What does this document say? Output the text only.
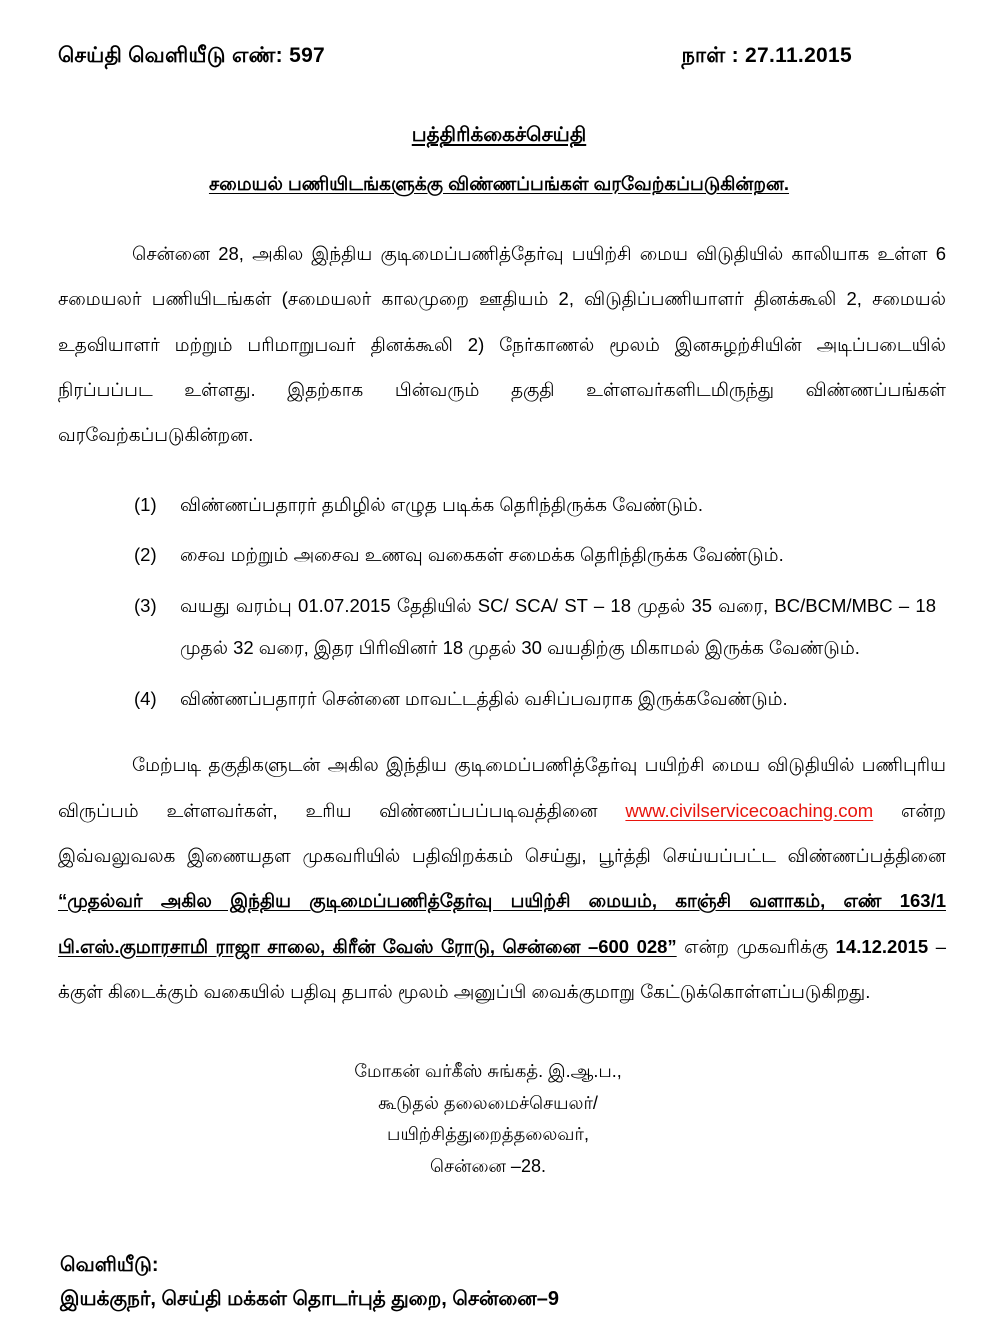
செய்தி வெளியீடு எண்: 597	நாள் : 27.11.2015
பத்திரிக்கைச்செய்தி
சமையல் பணியிடங்களுக்கு விண்ணப்பங்கள் வரவேற்கப்படுகின்றன.

சென்னை 28, அகில இந்திய குடிமைப்பணித்தேர்வு பயிற்சி மைய விடுதியில் காலியாக உள்ள 6 சமையலர் பணியிடங்கள் (சமையலர் காலமுறை ஊதியம் 2, விடுதிப்பணியாளர் தினக்கூலி 2, சமையல் உதவியாளர் மற்றும் பரிமாறுபவர் தினக்கூலி 2) நேர்காணல் மூலம் இனசுழற்சியின் அடிப்படையில் நிரப்பப்பட உள்ளது. இதற்காக பின்வரும் தகுதி உள்ளவர்களிடமிருந்து விண்ணப்பங்கள் வரவேற்கப்படுகின்றன.

(1)	விண்ணப்பதாரர் தமிழில் எழுத படிக்க தெரிந்திருக்க வேண்டும்.
(2)	சைவ மற்றும் அசைவ உணவு வகைகள் சமைக்க தெரிந்திருக்க வேண்டும்.
(3)	வயது வரம்பு 01.07.2015 தேதியில் SC/ SCA/ ST – 18 முதல் 35 வரை, BC/BCM/MBC – 18 முதல் 32 வரை, இதர பிரிவினர் 18 முதல் 30 வயதிற்கு மிகாமல் இருக்க வேண்டும்.
(4)	விண்ணப்பதாரர் சென்னை மாவட்டத்தில் வசிப்பவராக இருக்கவேண்டும்.

மேற்படி தகுதிகளுடன் அகில இந்திய குடிமைப்பணித்தேர்வு பயிற்சி மைய விடுதியில் பணிபுரிய விருப்பம் உள்ளவர்கள், உரிய விண்ணப்பப்படிவத்தினை www.civilservicecoaching.com என்ற இவ்வலுவலக இணையதள முகவரியில் பதிவிறக்கம் செய்து, பூர்த்தி செய்யப்பட்ட விண்ணப்பத்தினை “முதல்வர் அகில இந்திய குடிமைப்பணித்தேர்வு பயிற்சி மையம், காஞ்சி வளாகம், எண் 163/1 பி.எஸ்.குமாரசாமி ராஜா சாலை, கிரீன் வேஸ் ரோடு, சென்னை –600 028” என்ற முகவரிக்கு 14.12.2015 – க்குள் கிடைக்கும் வகையில் பதிவு தபால் மூலம் அனுப்பி வைக்குமாறு கேட்டுக்கொள்ளப்படுகிறது.

மோகன் வர்கீஸ் சுங்கத். இ.ஆ.ப.,
கூடுதல் தலைமைச்செயலர்/
பயிற்சித்துறைத்தலைவர்,
சென்னை –28.
வெளியீடு:
இயக்குநர், செய்தி மக்கள் தொடர்புத் துறை, சென்னை–9
